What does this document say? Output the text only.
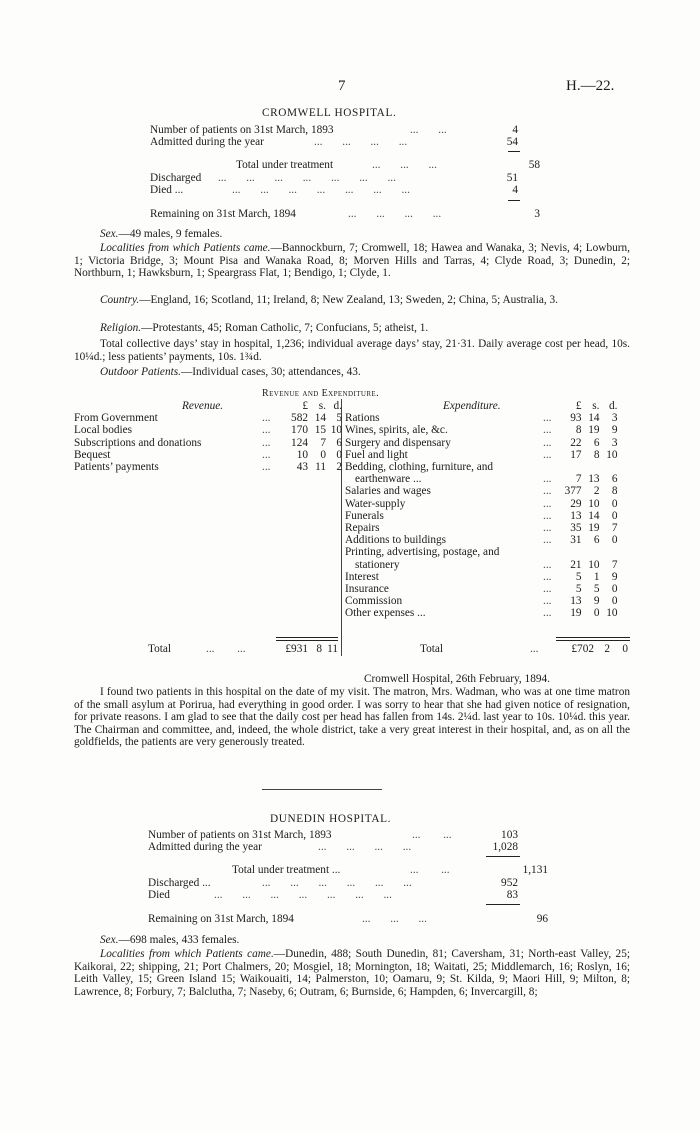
7	H.—22.
CROMWELL HOSPITAL.
Number of patients on 31st March, 1893	...       ...	4
Admitted during the year	...       ...       ...       ...	54
Total under treatment	...       ...       ...	58
Discharged ...       ...       ...       ...       ...       ...       ...	51
Died ...	...       ...       ...       ...       ...       ...       ...	4
Remaining on 31st March, 1894	...       ...       ...       ...	3
Sex.—49 males, 9 females.
Localities from which Patients came.—Bannockburn, 7; Cromwell, 18; Hawea and Wanaka, 3; Nevis, 4; Lowburn, 1; Victoria Bridge, 3; Mount Pisa and Wanaka Road, 8; Morven Hills and Tarras, 4; Clyde Road, 3; Dunedin, 2; Northburn, 1; Hawksburn, 1; Speargrass Flat, 1; Bendigo, 1; Clyde, 1.
Country.—England, 16; Scotland, 11; Ireland, 8; New Zealand, 13; Sweden, 2; China, 5; Australia, 3.
Religion.—Protestants, 45; Roman Catholic, 7; Confucians, 5; atheist, 1.
Total collective days’ stay in hospital, 1,236; individual average days’ stay, 21·31. Daily average cost per head, 10s. 10¼d.; less patients’ payments, 10s. 1¾d.
Outdoor Patients.—Individual cases, 30; attendances, 43.
Revenue and Expenditure.
	Revenue.		£	s.	d.
From Government		...	582	14	5
Local bodies		...	170	15	10
Subscriptions and donations		...	124	7	6
Bequest		...	10	0	0
Patients’ payments		...	43	11	2
	Expenditure.		£	s.	d.
Rations		...	93	14	3
Wines, spirits, ale, &c.		...	8	19	9
Surgery and dispensary		...	22	6	3
Fuel and light		...	17	8	10
Bedding, clothing, furniture, and					
earthenware ...		...	7	13	6
Salaries and wages		...	377	2	8
Water-supply		...	29	10	0
Funerals		...	13	14	0
Repairs		...	35	19	7
Additions to buildings		...	31	6	0
Printing, advertising, postage, and					
stationery		...	21	10	7
Interest		...	5	1	9
Insurance		...	5	5	0
Commission		...	13	9	0
Other expenses ...		...	19	0	10
Total	...        ...	£931 8 11	Total	...	£702 2	0
Cromwell Hospital, 26th February, 1894.
I found two patients in this hospital on the date of my visit. The matron, Mrs. Wadman, who was at one time matron of the small asylum at Porirua, had everything in good order. I was sorry to hear that she had given notice of resignation, for private reasons. I am glad to see that the daily cost per head has fallen from 14s. 2¼d. last year to 10s. 10¼d. this year. The Chairman and committee, and, indeed, the whole district, take a very great interest in their hospital, and, as on all the goldfields, the patients are very generously treated.
DUNEDIN HOSPITAL.
Number of patients on 31st March, 1893	...        ...	103
Admitted during the year	...       ...       ...       ...	1,028
Total under treatment ...	...        ...	1,131
Discharged ...	...       ...       ...       ...       ...       ...	952
Died	...       ...       ...       ...       ...       ...       ...	83
Remaining on 31st March, 1894	...       ...       ...	96
Sex.—698 males, 433 females.
Localities from which Patients came.—Dunedin, 488; South Dunedin, 81; Caversham, 31; North-east Valley, 25; Kaikorai, 22; shipping, 21; Port Chalmers, 20; Mosgiel, 18; Mornington, 18; Waitati, 25; Middlemarch, 16; Roslyn, 16; Leith Valley, 15; Green Island 15; Waikouaiti, 14; Palmerston, 10; Oamaru, 9; St. Kilda, 9; Maori Hill, 9; Milton, 8; Lawrence, 8; Forbury, 7; Balclutha, 7; Naseby, 6; Outram, 6; Burnside, 6; Hampden, 6; Invercargill, 8;
